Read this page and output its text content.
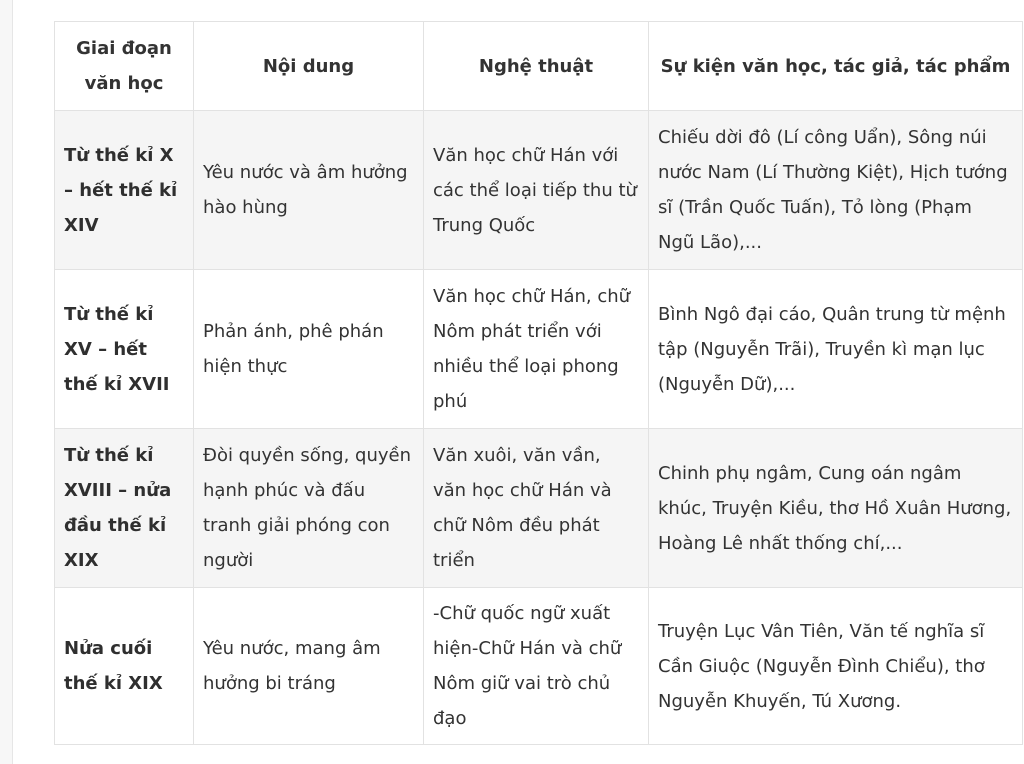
Giai đoạn văn học	Nội dung	Nghệ thuật	Sự kiện văn học, tác giả, tác phẩm
Từ thế kỉ X – hết thế kỉ XIV	Yêu nước và âm hưởng hào hùng	Văn học chữ Hán với các thể loại tiếp thu từ Trung Quốc	Chiếu dời đô (Lí công Uẩn), Sông núi nước Nam (Lí Thường Kiệt), Hịch tướng sĩ (Trần Quốc Tuấn), Tỏ lòng (Phạm Ngũ Lão),...
Từ thế kỉ XV – hết thế kỉ XVII	Phản ánh, phê phán hiện thực	Văn học chữ Hán, chữ Nôm phát triển với nhiều thể loại phong phú	Bình Ngô đại cáo, Quân trung từ mệnh tập (Nguyễn Trãi), Truyền kì mạn lục (Nguyễn Dữ),...
Từ thế kỉ XVIII – nửa đầu thế kỉ XIX	Đòi quyền sống, quyền hạnh phúc và đấu tranh giải phóng con người	Văn xuôi, văn vần, văn học chữ Hán và chữ Nôm đều phát triển	Chinh phụ ngâm, Cung oán ngâm khúc, Truyện Kiều, thơ Hồ Xuân Hương, Hoàng Lê nhất thống chí,...
Nửa cuối thế kỉ XIX	Yêu nước, mang âm hưởng bi tráng	-Chữ quốc ngữ xuất hiện-Chữ Hán và chữ Nôm giữ vai trò chủ đạo	Truyện Lục Vân Tiên, Văn tế nghĩa sĩ Cần Giuộc (Nguyễn Đình Chiểu), thơ Nguyễn Khuyến, Tú Xương.
